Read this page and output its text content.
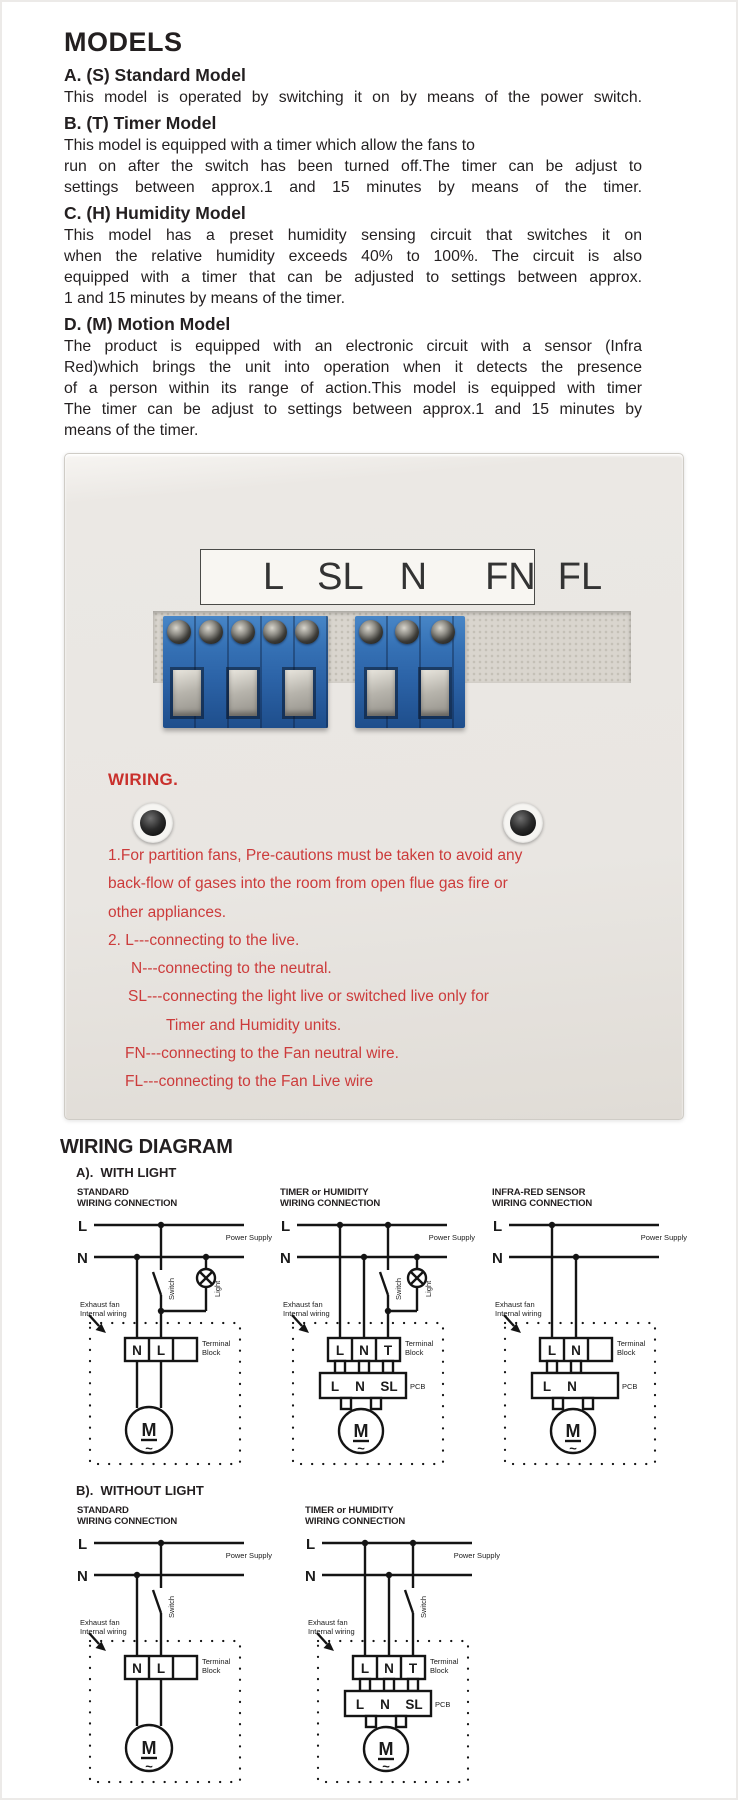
MODELS
A. (S) Standard Model
This model is operated by switching it on by means of the power switch.
B. (T) Timer Model
This model is equipped with a timer which allow the fans to
run on after the switch has been turned off.The timer can be adjust to
settings between approx.1 and 15 minutes by means of the timer.
C. (H) Humidity Model
This model has a preset humidity sensing circuit that switches it on
when the relative humidity exceeds 40% to 100%. The circuit is also
equipped with a timer that can be adjusted to settings between approx.
1 and 15 minutes by means of the timer.
D. (M) Motion Model
The product is equipped with an electronic circuit with a sensor (Infra
Red)which brings the unit into operation when it detects the presence
of a person within its range of action.This model is equipped with timer
The timer can be adjust to settings between approx.1 and 15 minutes by
means of the timer.
L SL N FN FL
WIRING.
1.For partition fans, Pre-cautions must be taken to avoid any
back-flow of gases into the room from open flue gas fire or
other appliances.
2. L---connecting to the live.
N---connecting to the neutral.
SL---connecting the light live or switched live only for
Timer and Humidity units.
FN---connecting to the Fan neutral wire.
FL---connecting to the Fan Live wire
WIRING DIAGRAM
A).  WITH LIGHT
STANDARD
WIRING CONNECTION
L
Power Supply
N
Switch	Light
Exhaust fan
Internal wiring
N L	Terminal
Block
M
~
TIMER or HUMIDITY
WIRING CONNECTION
L
Power Supply
N
Switch	Light
Exhaust fan
Internal wiring
L N T Terminal
Block
L N SL PCB
M
~
INFRA-RED SENSOR
WIRING CONNECTION
L
Power Supply
N
Exhaust fan
Internal wiring
L N	Terminal
Block
L N	PCB
M
~
B).  WITHOUT LIGHT
STANDARD
WIRING CONNECTION
L
Power Supply
N
Switch
Exhaust fan
Internal wiring
N L	Terminal
Block
M
~
TIMER or HUMIDITY
WIRING CONNECTION
L
Power Supply
N
Switch
Exhaust fan
Internal wiring
L N T Terminal
Block
L N SL PCB
M
~
